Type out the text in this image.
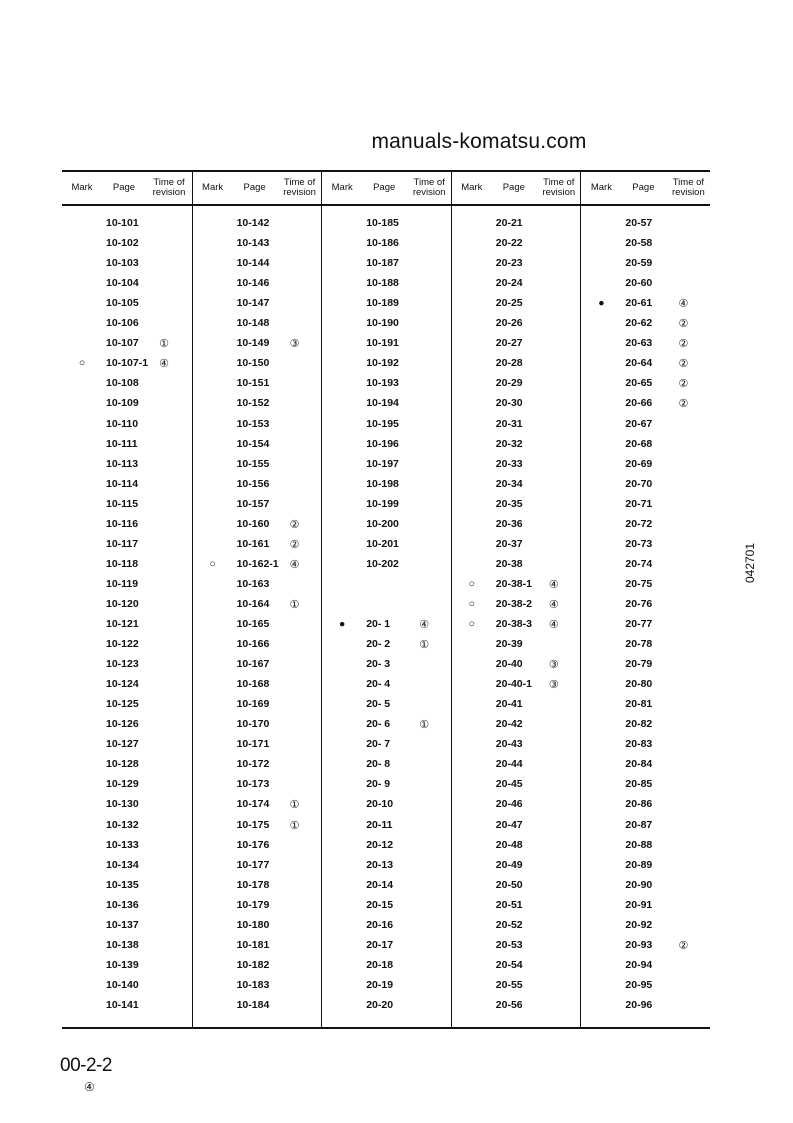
manuals-komatsu.com
Mark	Page	Time of revision
10-101
10-102
10-103
10-104
10-105
10-106
10-107	①
○ 10-107-1	④
10-108
10-109
10-110
10-111
10-113
10-114
10-115
10-116
10-117
10-118
10-119
10-120
10-121
10-122
10-123
10-124
10-125
10-126
10-127
10-128
10-129
10-130
10-132
10-133
10-134
10-135
10-136
10-137
10-138
10-139
10-140
10-141
Mark	Page	Time of revision
10-142
10-143
10-144
10-146
10-147
10-148
10-149	③
10-150
10-151
10-152
10-153
10-154
10-155
10-156
10-157
10-160	②
10-161	②
○ 10-162-1	④
10-163
10-164	①
10-165
10-166
10-167
10-168
10-169
10-170
10-171
10-172
10-173
10-174	①
10-175	①
10-176
10-177
10-178
10-179
10-180
10-181
10-182
10-183
10-184
Mark	Page	Time of revision
10-185
10-186
10-187
10-188
10-189
10-190
10-191
10-192
10-193
10-194
10-195
10-196
10-197
10-198
10-199
10-200
10-201
10-202
● 20- 1	④
20- 2	①
20- 3
20- 4
20- 5
20- 6	①
20- 7
20- 8
20- 9
20-10
20-11
20-12
20-13
20-14
20-15
20-16
20-17
20-18
20-19
20-20
Mark	Page	Time of revision
20-21
20-22
20-23
20-24
20-25
20-26
20-27
20-28
20-29
20-30
20-31
20-32
20-33
20-34
20-35
20-36
20-37
20-38
○ 20-38-1	④
○ 20-38-2	④
○ 20-38-3	④
20-39
20-40	③
20-40-1	③
20-41
20-42
20-43
20-44
20-45
20-46
20-47
20-48
20-49
20-50
20-51
20-52
20-53
20-54
20-55
20-56
Mark	Page	Time of revision
20-57
20-58
20-59
20-60
● 20-61	④
20-62	②
20-63	②
20-64	②
20-65	②
20-66	②
20-67
20-68
20-69
20-70
20-71
20-72
20-73
20-74
20-75
20-76
20-77
20-78
20-79
20-80
20-81
20-82
20-83
20-84
20-85
20-86
20-87
20-88
20-89
20-90
20-91
20-92
20-93	②
20-94
20-95
20-96
00-2-2
④
042701
